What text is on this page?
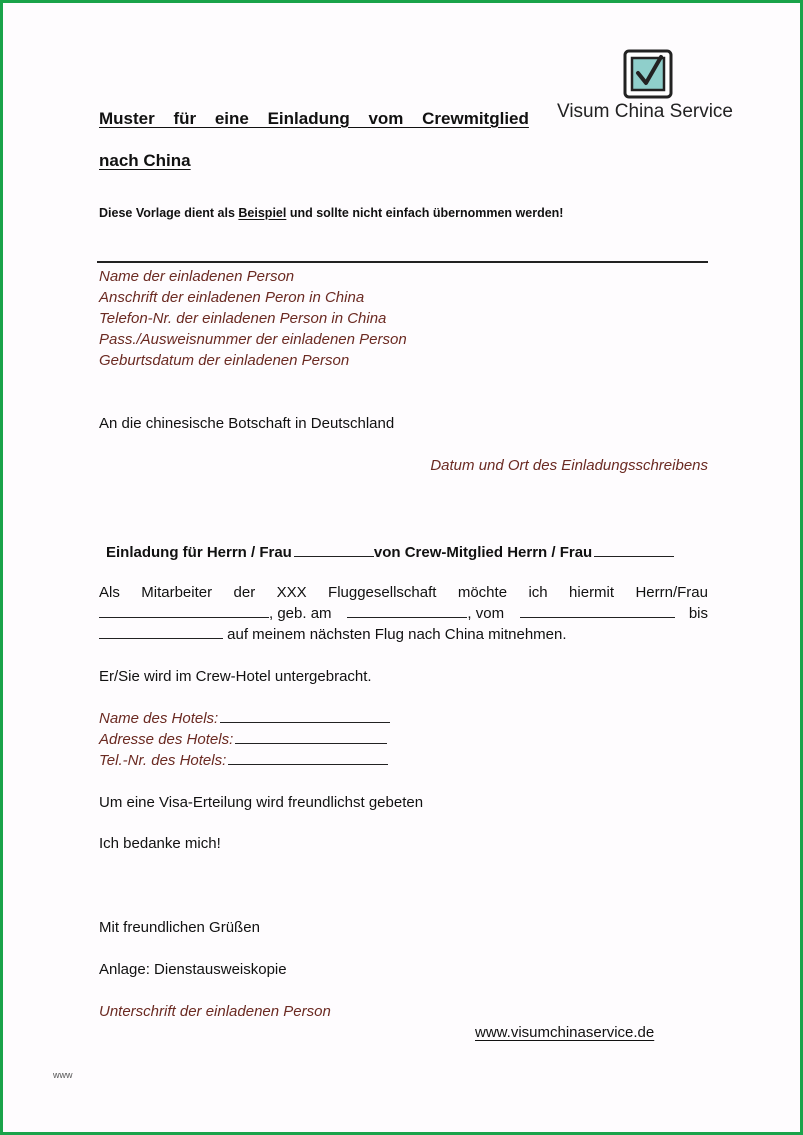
Visum China Service
Muster für eine Einladung vom Crewmitglied
nach China
Diese Vorlage dient als Beispiel und sollte nicht einfach übernommen werden!
Name der einladenen Person
Anschrift der einladenen Peron in China
Telefon-Nr. der einladenen Person in China
Pass./Ausweisnummer der einladenen Person
Geburtsdatum der einladenen Person
An die chinesische Botschaft in Deutschland
Datum und Ort des Einladungsschreibens
Einladung für Herrn / Frau	von Crew-Mitglied Herrn / Frau
Als Mitarbeiter der XXX Fluggesellschaft möchte ich hiermit Herrn/Frau
, geb. am	, vom	bis
auf meinem nächsten Flug nach China mitnehmen.
Er/Sie wird im Crew-Hotel untergebracht.
Name des Hotels:
Adresse des Hotels:
Tel.-Nr. des Hotels:
Um eine Visa-Erteilung wird freundlichst gebeten
Ich bedanke mich!
Mit freundlichen Grüßen
Anlage: Dienstausweiskopie
Unterschrift der einladenen Person
www.visumchinaservice.de
www
